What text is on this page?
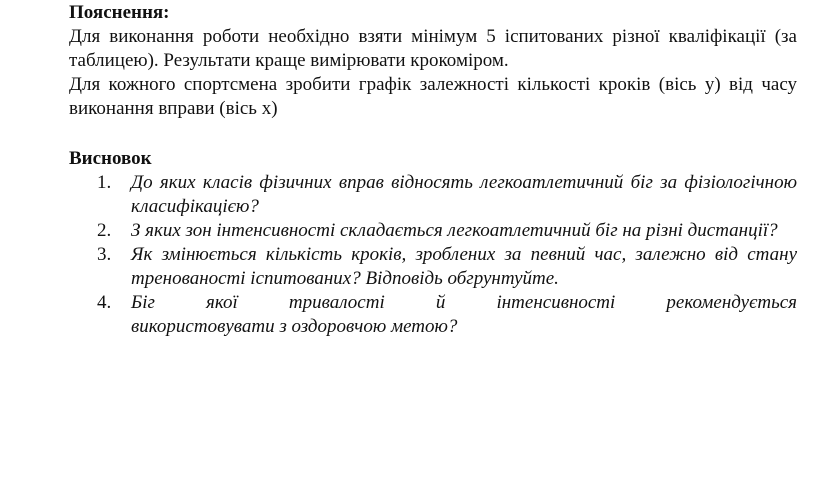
Пояснення:

Для виконання роботи необхідно взяти мінімум 5 іспитованих різної кваліфікації (за таблицею). Результати краще вимірювати крокоміром.

Для кожного спортсмена зробити графік залежності кількості кроків (вісь у) від часу виконання вправи (вісь х)

Висновок

1.	До яких класів фізичних вправ відносять легкоатлетичний біг за фізіологічною класифікацією?
2.	З яких зон інтенсивності складається легкоатлетичний біг на різні дистанції?
3.	Як змінюється кількість кроків, зроблених за певний час, залежно від стану тренованості іспитованих? Відповідь обгрунтуйте.
4.	Біг якої тривалості й інтенсивності рекомендується
використовувати з оздоровчою метою?
